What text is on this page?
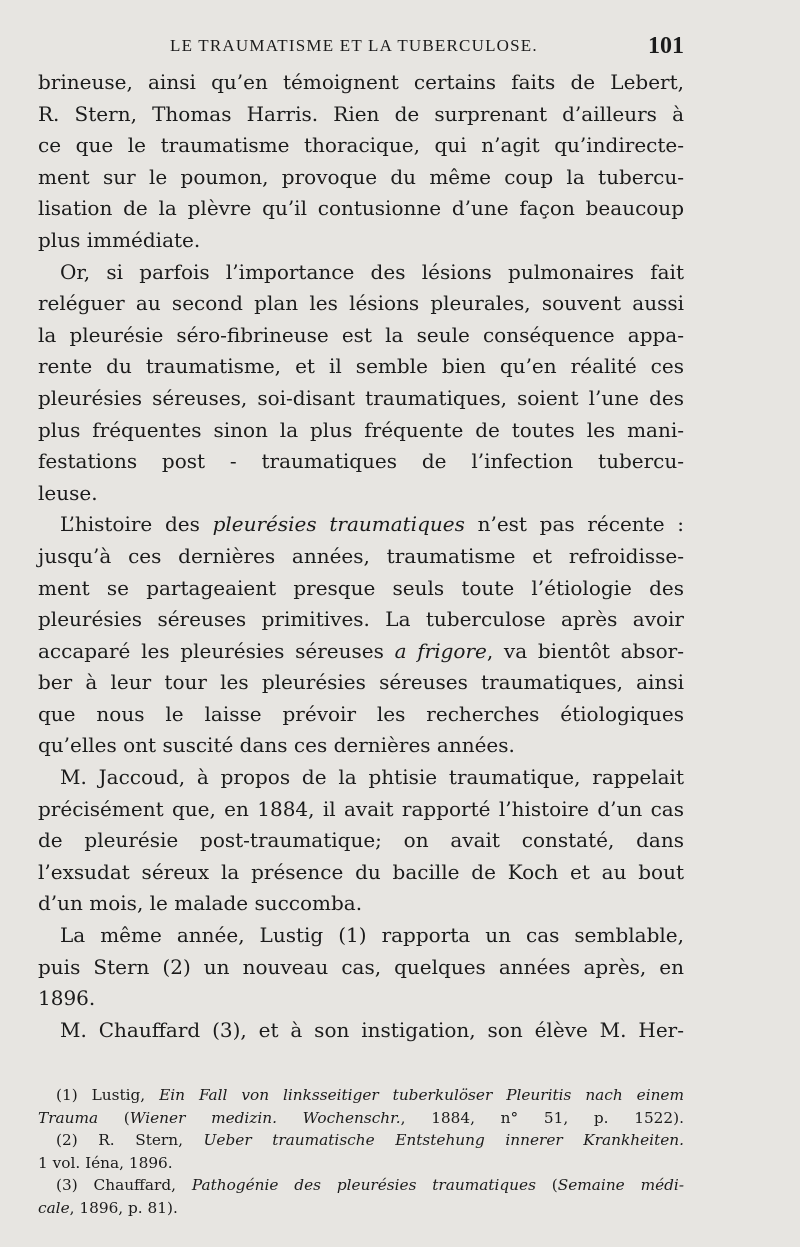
LE TRAUMATISME ET LA TUBERCULOSE.	101
brineuse, ainsi qu’en témoignent certains faits de Lebert,
R. Stern, Thomas Harris. Rien de surprenant d’ailleurs à
ce que le traumatisme thoracique, qui n’agit qu’indirecte-
ment sur le poumon, provoque du même coup la tubercu-
lisation de la plèvre qu’il contusionne d’une façon beaucoup
plus immédiate.
Or, si parfois l’importance des lésions pulmonaires fait
reléguer au second plan les lésions pleurales, souvent aussi
la pleurésie séro-fibrineuse est la seule conséquence appa-
rente du traumatisme, et il semble bien qu’en réalité ces
pleurésies séreuses, soi-disant traumatiques, soient l’une des
plus fréquentes sinon la plus fréquente de toutes les mani-
festations post - traumatiques de l’infection tubercu-
leuse.
L’histoire des pleurésies traumatiques n’est pas récente :
jusqu’à ces dernières années, traumatisme et refroidisse-
ment se partageaient presque seuls toute l’étiologie des
pleurésies séreuses primitives. La tuberculose après avoir
accaparé les pleurésies séreuses a frigore, va bientôt absor-
ber à leur tour les pleurésies séreuses traumatiques, ainsi
que nous le laisse prévoir les recherches étiologiques
qu’elles ont suscité dans ces dernières années.
M. Jaccoud, à propos de la phtisie traumatique, rappelait
précisément que, en 1884, il avait rapporté l’histoire d’un cas
de pleurésie post-traumatique; on avait constaté, dans
l’exsudat séreux la présence du bacille de Koch et au bout
d’un mois, le malade succomba.
La même année, Lustig (1) rapporta un cas semblable,
puis Stern (2) un nouveau cas, quelques années après, en
1896.
M. Chauffard (3), et à son instigation, son élève M. Her-
(1) Lustig, Ein Fall von linksseitiger tuberkulöser Pleuritis nach einem
Trauma (Wiener medizin. Wochenschr., 1884, n° 51, p. 1522).
(2) R. Stern, Ueber traumatische Entstehung innerer Krankheiten.
1 vol. Iéna, 1896.
(3) Chauffard, Pathogénie des pleurésies traumatiques (Semaine médi-
cale, 1896, p. 81).
